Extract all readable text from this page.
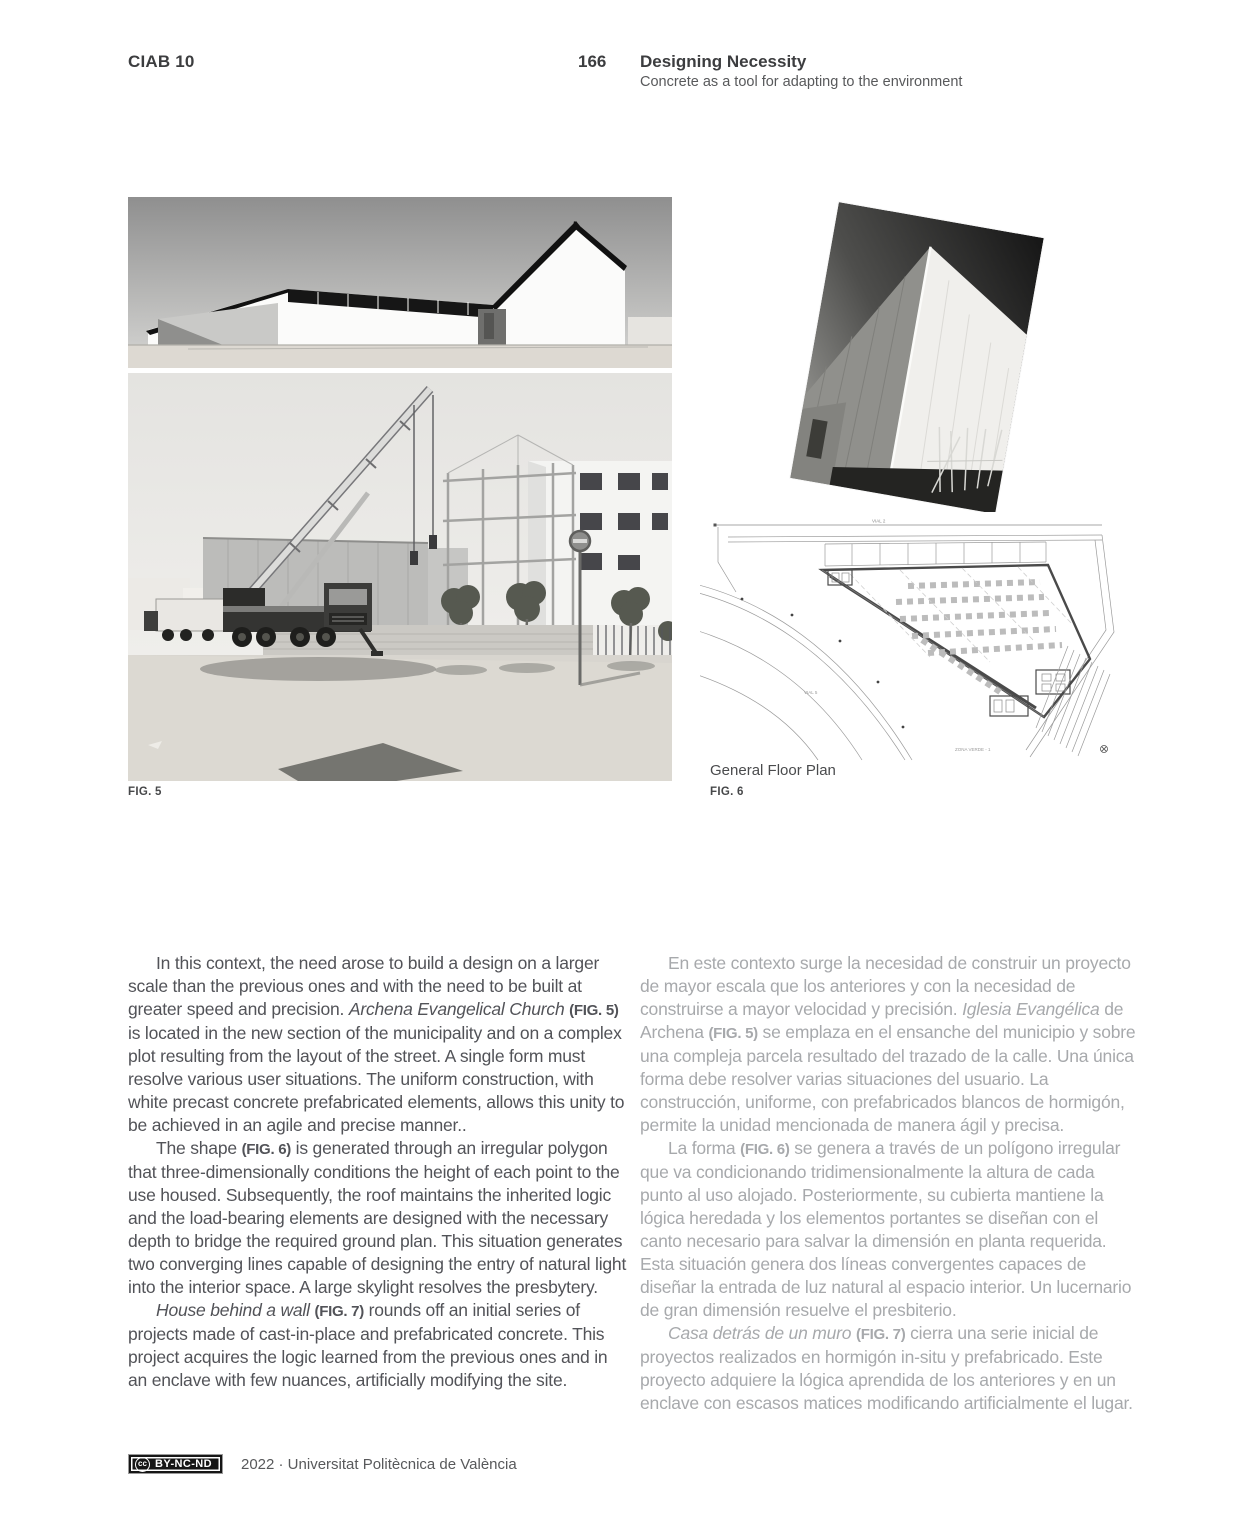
CIAB 10	166 Designing Necessity
Concrete as a tool for adapting to the environment
FIG. 5
VIAL 2
VIAL 5
ZONA VERDE - 1
General Floor Plan
FIG. 6

In this context, the need arose to build a design on a larger scale than the previous ones and with the need to be built at greater speed and precision. Archena Evangelical Church (FIG. 5) is located in the new section of the municipality and on a complex plot resulting from the layout of the street. A single form must resolve various user situations. The uniform construction, with white precast concrete prefabricated elements, allows this unity to be achieved in an agile and precise manner..

The shape (FIG. 6) is generated through an irregular polygon that three-dimensionally conditions the height of each point to the use housed. Subsequently, the roof maintains the inherited logic and the load-bearing elements are designed with the necessary depth to bridge the required ground plan. This situation generates two converging lines capable of designing the entry of natural light into the interior space. A large skylight resolves the presbytery.

House behind a wall (FIG. 7) rounds off an initial series of projects made of cast-in-place and prefabricated concrete. This project acquires the logic learned from the previous ones and in an enclave with few nuances, artificially modifying the site.

En este contexto surge la necesidad de construir un proyecto de mayor escala que los anteriores y con la necesidad de construirse a mayor velocidad y precisión. Iglesia Evangélica de Archena (FIG. 5) se emplaza en el ensanche del municipio y sobre una compleja parcela resultado del trazado de la calle. Una única forma debe resolver varias situaciones del usuario. La construcción, uniforme, con prefabricados blancos de hormigón, permite la unidad mencionada de manera ágil y precisa.

La forma (FIG. 6) se genera a través de un polígono irregular que va condicionando tridimensionalmente la altura de cada punto al uso alojado. Posteriormente, su cubierta mantiene la lógica heredada y los elementos portantes se diseñan con el canto necesario para salvar la dimensión en planta requerida. Esta situación genera dos líneas convergentes capaces de diseñar la entrada de luz natural al espacio interior. Un lucernario de gran dimensión resuelve el presbiterio.

Casa detrás de un muro (FIG. 7) cierra una serie inicial de proyectos realizados en hormigón in-situ y prefabricado. Este proyecto adquiere la lógica aprendida de los anteriores y en un enclave con escasos matices modificando artificialmente el lugar.

cc BY-NC-ND 2022 · Universitat Politècnica de València
